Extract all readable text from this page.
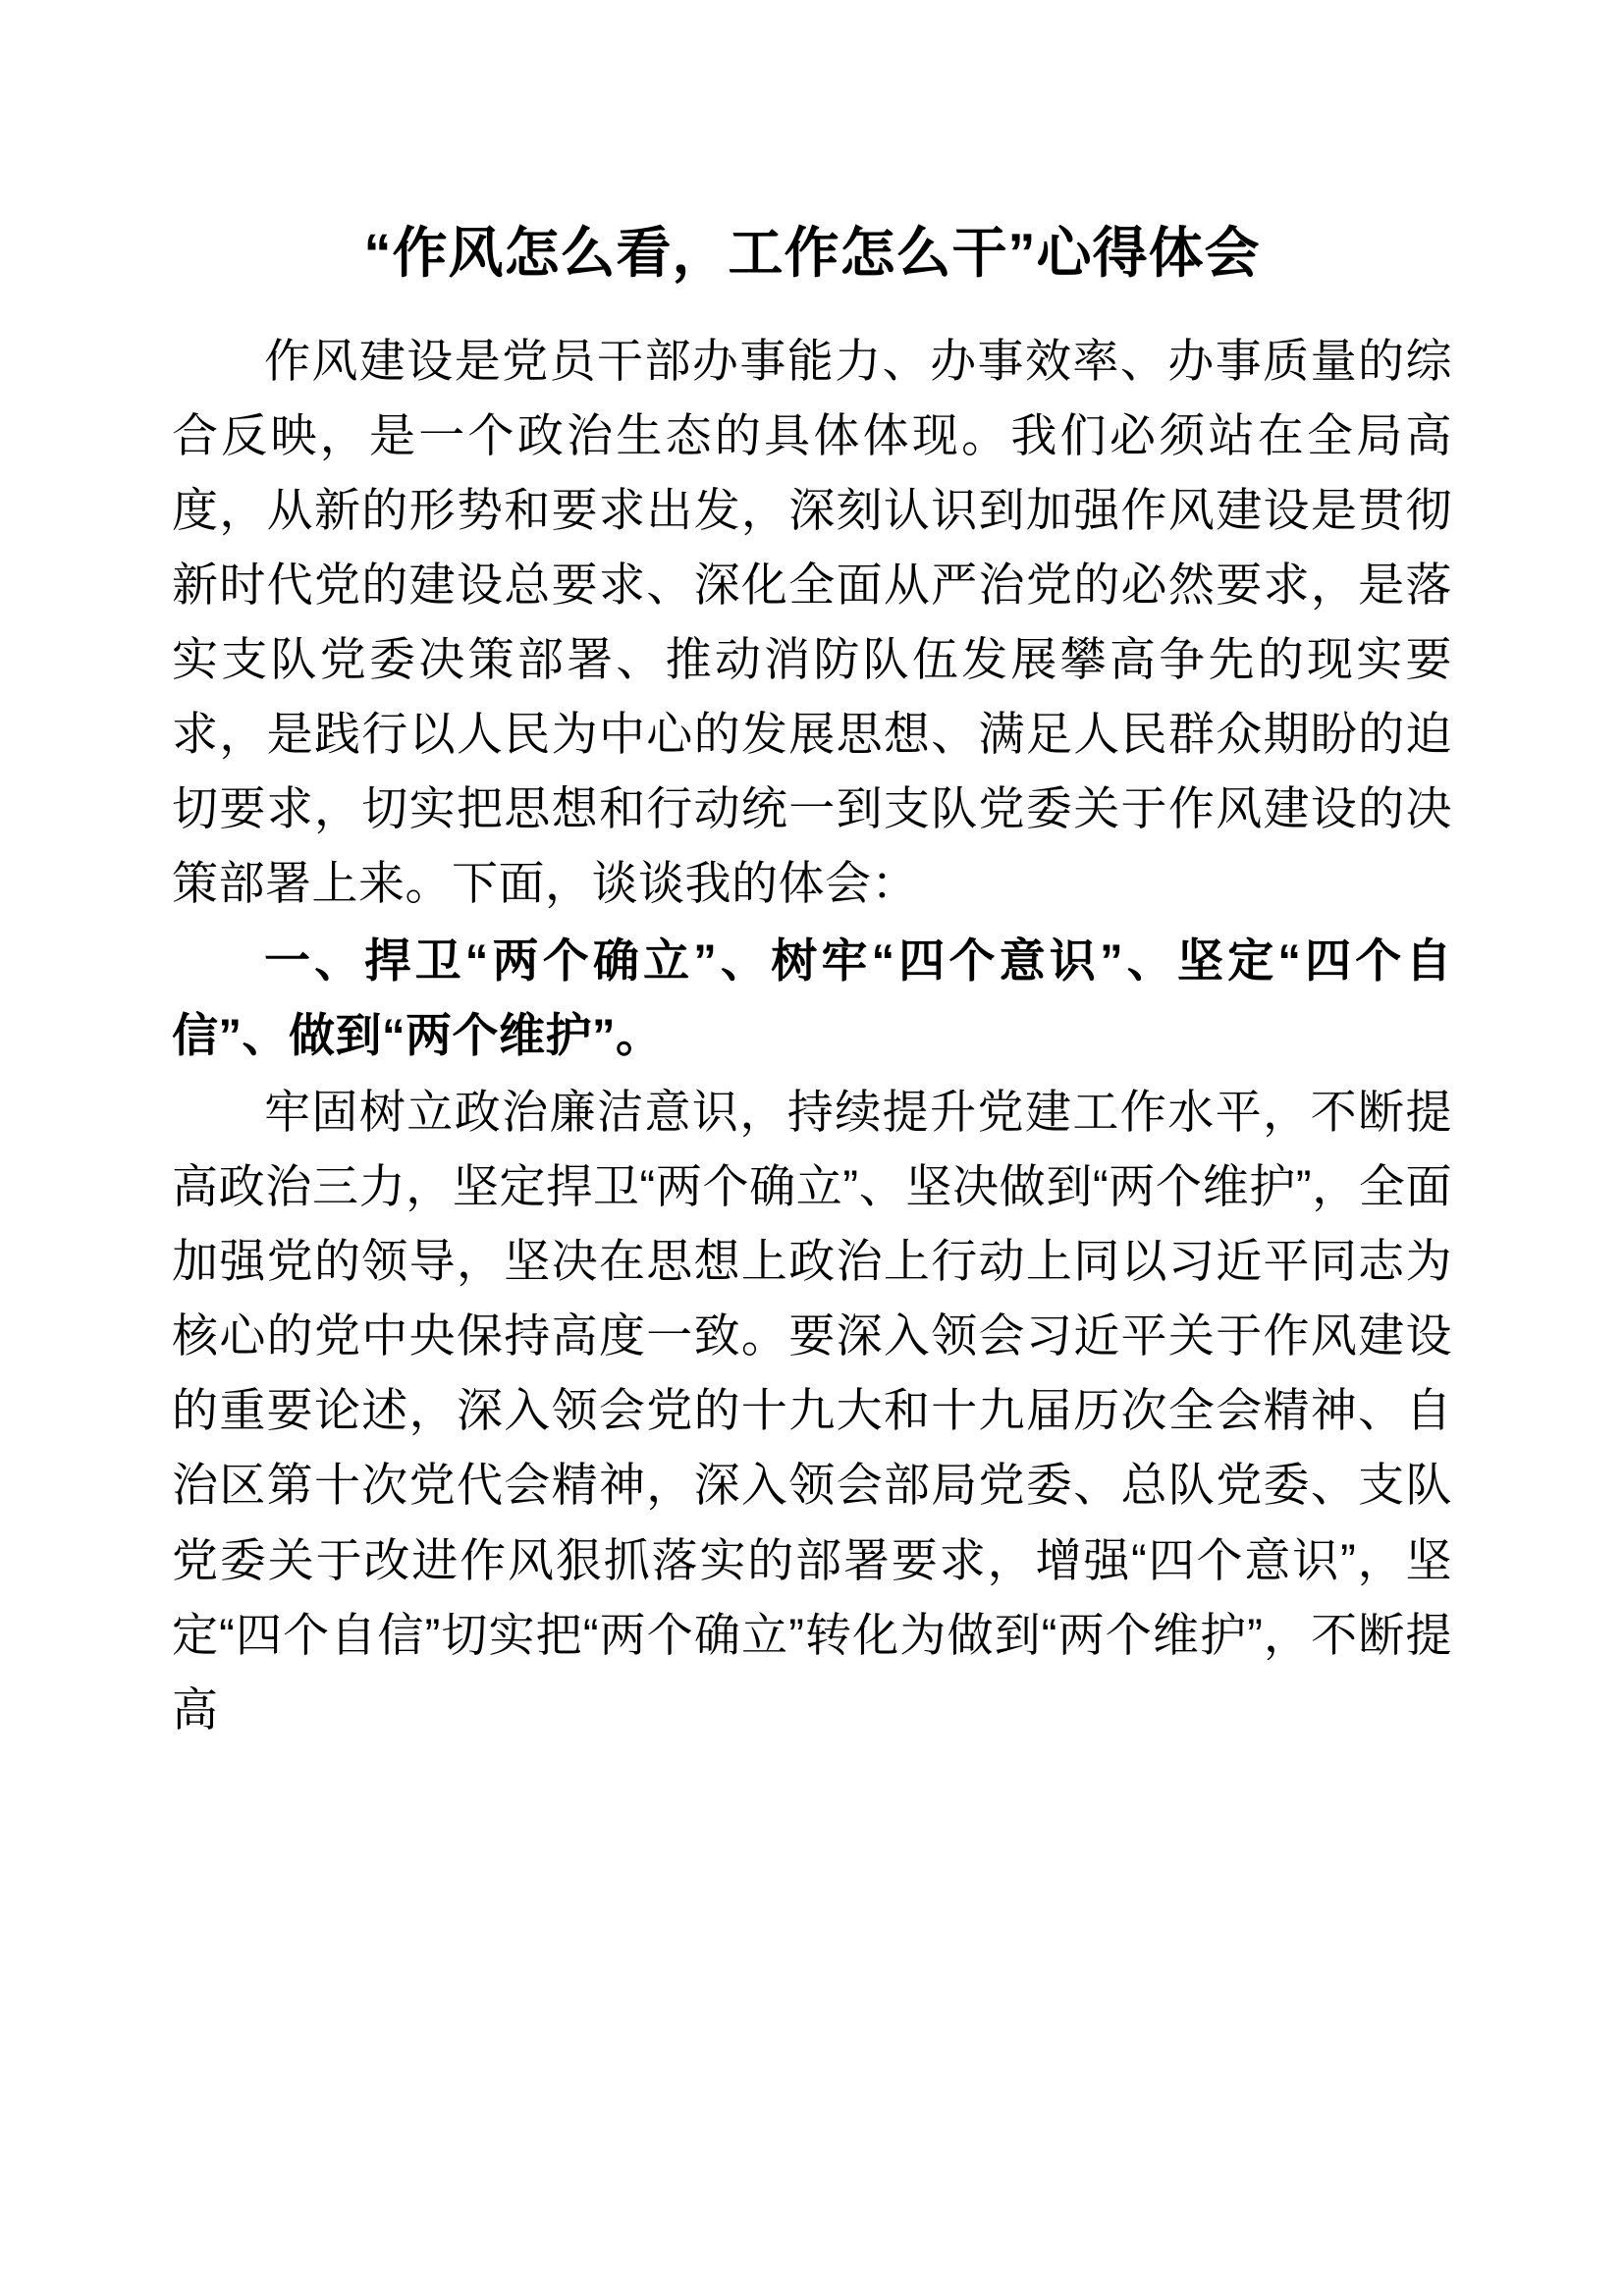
“作风怎么看，工作怎么干”心得体会

作风建设是党员干部办事能力、办事效率、办事质量的综合反映，是一个政治生态的具体体现。我们必须站在全局高度，从新的形势和要求出发，深刻认识到加强作风建设是贯彻新时代党的建设总要求、深化全面从严治党的必然要求，是落实支队党委决策部署、推动消防队伍发展攀高争先的现实要求，是践行以人民为中心的发展思想、满足人民群众期盼的迫切要求，切实把思想和行动统一到支队党委关于作风建设的决策部署上来。下面，谈谈我的体会：

一、捍卫“两个确立”、树牢“四个意识”、坚定“四个自信”、做到“两个维护”。

牢固树立政治廉洁意识，持续提升党建工作水平，不断提高政治三力，坚定捍卫“两个确立”、坚决做到“两个维护”，全面加强党的领导，坚决在思想上政治上行动上同以习近平同志为核心的党中央保持高度一致。要深入领会习近平关于作风建设的重要论述，深入领会党的十九大和十九届历次全会精神、自治区第十次党代会精神，深入领会部局党委、总队党委、支队党委关于改进作风狠抓落实的部署要求，增强“四个意识”，坚定“四个自信”切实把“两个确立”转化为做到“两个维护”，不断提高
